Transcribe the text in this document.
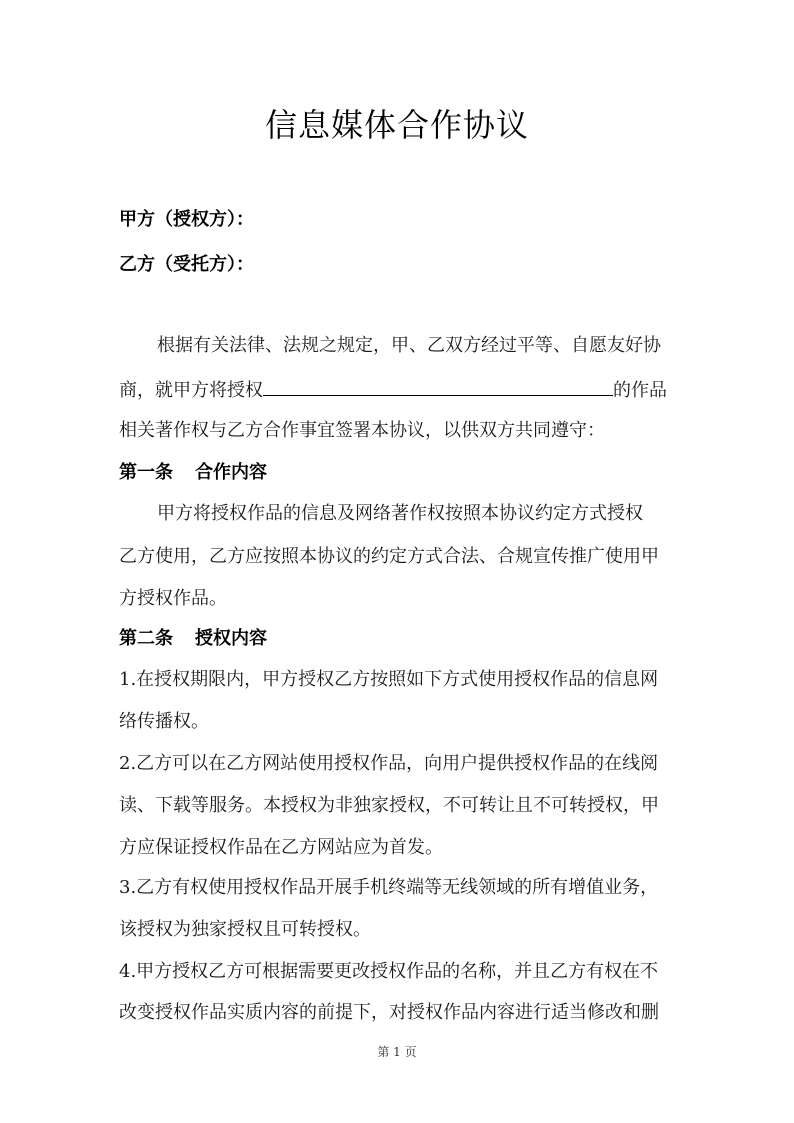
信息媒体合作协议
甲方（授权方）：
乙方（受托方）：
根据有关法律、法规之规定，甲、乙双方经过平等、自愿友好协
商，就甲方将授权	的作品
相关著作权与乙方合作事宜签署本协议，以供双方共同遵守：
第一条 合作内容
甲方将授权作品的信息及网络著作权按照本协议约定方式授权
乙方使用，乙方应按照本协议的约定方式合法、合规宣传推广使用甲
方授权作品。
第二条 授权内容
1.在授权期限内，甲方授权乙方按照如下方式使用授权作品的信息网
络传播权。
2.乙方可以在乙方网站使用授权作品，向用户提供授权作品的在线阅
读、下载等服务。本授权为非独家授权，不可转让且不可转授权，甲
方应保证授权作品在乙方网站应为首发。
3.乙方有权使用授权作品开展手机终端等无线领域的所有增值业务，
该授权为独家授权且可转授权。
4.甲方授权乙方可根据需要更改授权作品的名称，并且乙方有权在不
改变授权作品实质内容的前提下，对授权作品内容进行适当修改和删
第 1 页
